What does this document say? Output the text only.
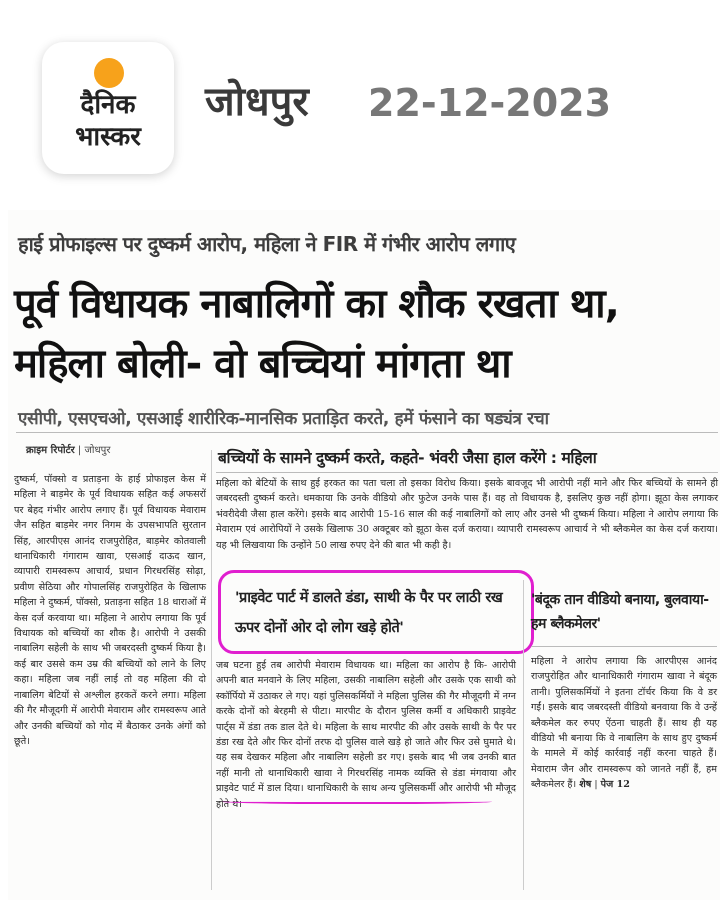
दैनिक
भास्कर
जोधपुर 22-12-2023
हाई प्रोफाइल्स पर दुष्कर्म आरोप, महिला ने FIR में गंभीर आरोप लगाए
पूर्व विधायक नाबालिगों का शौक रखता था, महिला बोली- वो बच्चियां मांगता था
एसीपी, एसएचओ, एसआई शारीरिक-मानसिक प्रताड़ित करते, हमें फंसाने का षड्यंत्र रचा
क्राइम रिपोर्टर | जोधपुर
दुष्कर्म, पॉक्सो व प्रताड़ना के हाई प्रोफाइल केस में महिला ने बाड़मेर के पूर्व विधायक सहित कई अफसरों पर बेहद गंभीर आरोप लगाए हैं। पूर्व विधायक मेवाराम जैन सहित बाड़मेर नगर निगम के उपसभापति सुरतान सिंह, आरपीएस आनंद राजपुरोहित, बाड़मेर कोतवाली थानाधिकारी गंगाराम खावा, एसआई दाऊद खान, व्यापारी रामस्वरूप आचार्य, प्रधान गिरधरसिंह सोढ़ा, प्रवीण सेठिया और गोपालसिंह राजपुरोहित के खिलाफ महिला ने दुष्कर्म, पॉक्सो, प्रताड़ना सहित 18 धाराओं में केस दर्ज करवाया था। महिला ने आरोप लगाया कि पूर्व विधायक को बच्चियों का शौक है। आरोपी ने उसकी नाबालिग सहेली के साथ भी जबरदस्ती दुष्कर्म किया है। कई बार उससे कम उम्र की बच्चियों को लाने के लिए कहा। महिला जब नहीं लाई तो वह महिला की दो नाबालिग बेटियों से अश्लील हरकतें करने लगा। महिला की गैर मौजूदगी में आरोपी मेवाराम और रामस्वरूप आते और उनकी बच्चियों को गोद में बैठाकर उनके अंगों को छूते।
बच्चियों के सामने दुष्कर्म करते, कहते- भंवरी जैसा हाल करेंगे : महिला
महिला को बेटियों के साथ हुई हरकत का पता चला तो इसका विरोध किया। इसके बावजूद भी आरोपी नहीं माने और फिर बच्चियों के सामने ही जबरदस्ती दुष्कर्म करते। धमकाया कि उनके वीडियो और फुटेज उनके पास हैं। वह तो विधायक है, इसलिए कुछ नहीं होगा। झूठा केस लगाकर भंवरीदेवी जैसा हाल करेंगे। इसके बाद आरोपी 15-16 साल की कई नाबालिगों को लाए और उनसे भी दुष्कर्म किया। महिला ने आरोप लगाया कि मेवाराम एवं आरोपियों ने उसके खिलाफ 30 अक्टूबर को झूठा केस दर्ज कराया। व्यापारी रामस्वरूप आचार्य ने भी ब्लैकमेल का केस दर्ज कराया। यह भी लिखवाया कि उन्होंने 50 लाख रुपए देने की बात भी कही है।
'प्राइवेट पार्ट में डालते डंडा, साथी के पैर पर लाठी रख ऊपर दोनों ओर दो लोग खड़े होते'
जब घटना हुई तब आरोपी मेवाराम विधायक था। महिला का आरोप है कि- आरोपी अपनी बात मनवाने के लिए महिला, उसकी नाबालिग सहेली और उसके एक साथी को स्कॉर्पियो में उठाकर ले गए। यहां पुलिसकर्मियों ने महिला पुलिस की गैर मौजूदगी में नग्न करके दोनों को बेरहमी से पीटा। मारपीट के दौरान पुलिस कर्मी व अधिकारी प्राइवेट पार्ट्स में डंडा तक डाल देते थे। महिला के साथ मारपीट की और उसके साथी के पैर पर डंडा रख देते और फिर दोनों तरफ दो पुलिस वाले खड़े हो जाते और फिर उसे घुमाते थे। यह सब देखकर महिला और नाबालिग सहेली डर गए। इसके बाद भी जब उनकी बात नहीं मानी तो थानाधिकारी खावा ने गिरधरसिंह नामक व्यक्ति से डंडा मंगवाया और प्राइवेट पार्ट में डाल दिया। थानाधिकारी के साथ अन्य पुलिसकर्मी और आरोपी भी मौजूद होते थे।
'बंदूक तान वीडियो बनाया, बुलवाया- हम ब्लैकमेलर'
महिला ने आरोप लगाया कि आरपीएस आनंद राजपुरोहित और थानाधिकारी गंगाराम खावा ने बंदूक तानी। पुलिसकर्मियों ने इतना टॉर्चर किया कि वे डर गईं। इसके बाद जबरदस्ती वीडियो बनवाया कि वे उन्हें ब्लैकमेल कर रुपए ऐंठना चाहती हैं। साथ ही यह वीडियो भी बनाया कि वे नाबालिग के साथ हुए दुष्कर्म के मामले में कोई कार्रवाई नहीं करना चाहते हैं। मेवाराम जैन और रामस्वरूप को जानते नहीं हैं, हम ब्लैकमेलर हैं। शेष | पेज 12
